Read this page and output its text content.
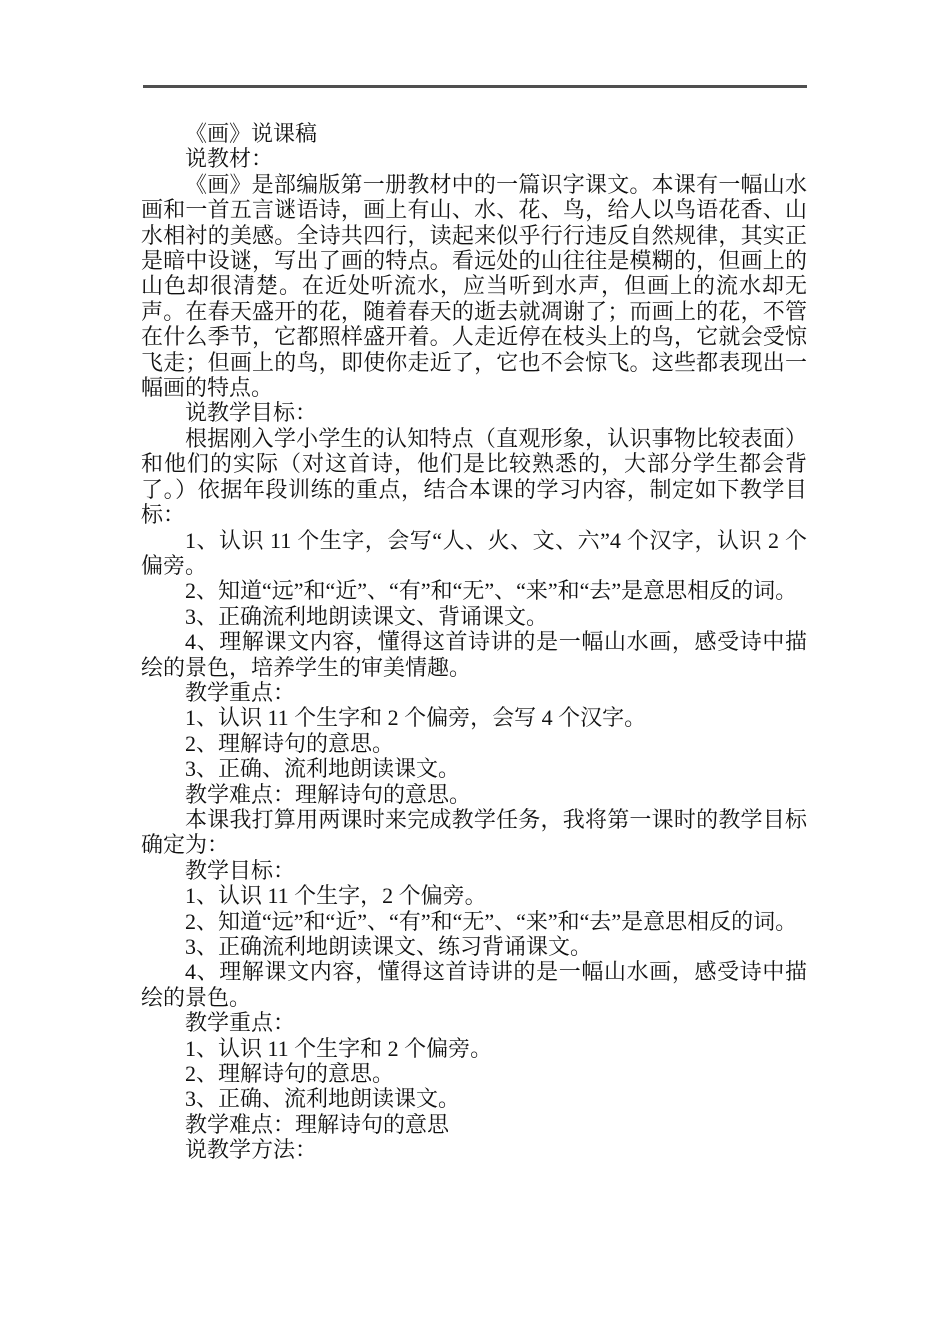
《画》说课稿

说教材：

《画》是部编版第一册教材中的一篇识字课文。本课有一幅山水画和一首五言谜语诗，画上有山、水、花、鸟，给人以鸟语花香、山水相衬的美感。全诗共四行，读起来似乎行行违反自然规律，其实正是暗中设谜，写出了画的特点。看远处的山往往是模糊的，但画上的山色却很清楚。在近处听流水，应当听到水声，但画上的流水却无声。在春天盛开的花，随着春天的逝去就凋谢了；而画上的花，不管在什么季节，它都照样盛开着。人走近停在枝头上的鸟，它就会受惊飞走；但画上的鸟，即使你走近了，它也不会惊飞。这些都表现出一幅画的特点。

说教学目标：

根据刚入学小学生的认知特点（直观形象，认识事物比较表面）和他们的实际（对这首诗，他们是比较熟悉的，大部分学生都会背了。）依据年段训练的重点，结合本课的学习内容，制定如下教学目标：

1、认识 11 个生字，会写“人、火、文、六”4 个汉字，认识 2 个偏旁。

2、知道“远”和“近”、“有”和“无”、“来”和“去”是意思相反的词。

3、正确流利地朗读课文、背诵课文。

4、理解课文内容，懂得这首诗讲的是一幅山水画，感受诗中描绘的景色，培养学生的审美情趣。

教学重点：

1、认识 11 个生字和 2 个偏旁，会写 4 个汉字。

2、理解诗句的意思。

3、正确、流利地朗读课文。

教学难点：理解诗句的意思。

本课我打算用两课时来完成教学任务，我将第一课时的教学目标确定为：

教学目标：

1、认识 11 个生字，2 个偏旁。

2、知道“远”和“近”、“有”和“无”、“来”和“去”是意思相反的词。

3、正确流利地朗读课文、练习背诵课文。

4、理解课文内容，懂得这首诗讲的是一幅山水画，感受诗中描绘的景色。

教学重点：

1、认识 11 个生字和 2 个偏旁。

2、理解诗句的意思。

3、正确、流利地朗读课文。

教学难点：理解诗句的意思

说教学方法：
